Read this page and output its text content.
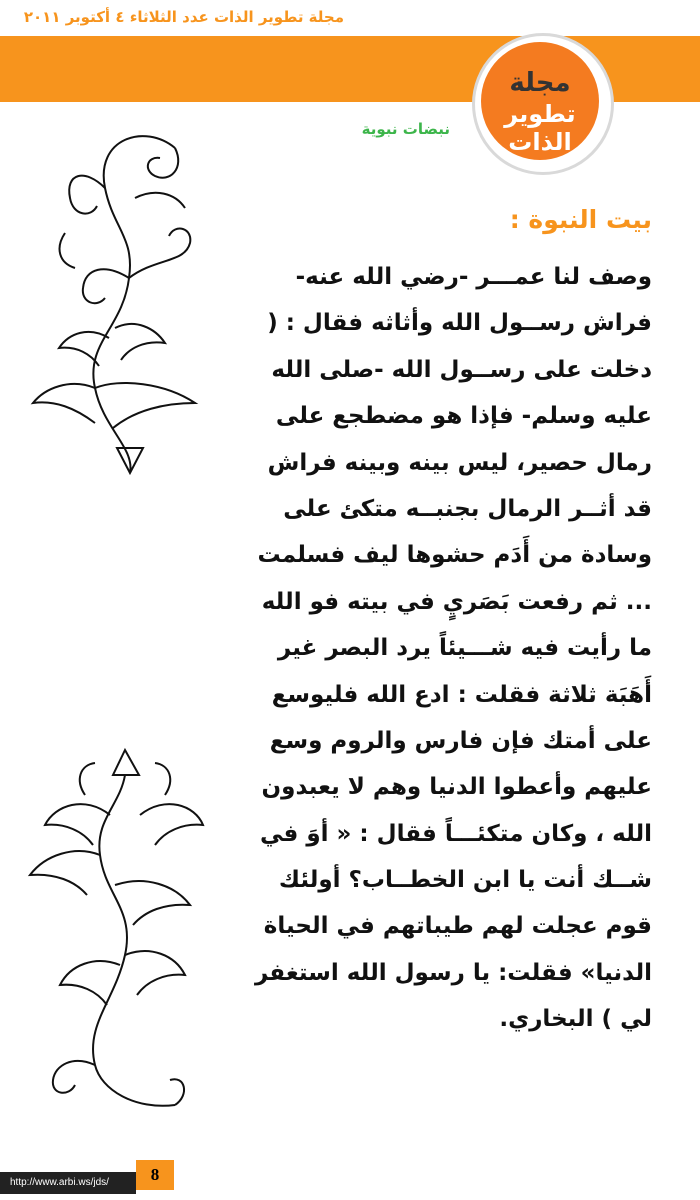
مجلة تطوير الذات عدد الثلاثاء ٤ أكتوبر ٢٠١١
مجلة
تطوير الذات
نبضات نبوية
بيت النبوة :
وصف لنا عمـــر -رضي الله عنه-
فراش رســول الله وأثاثه فقال : (
دخلت على رســول الله -صلى الله
عليه وسلم- فإذا هو مضطجع على
رمال حصير، ليس بينه وبينه فراش
قد أثــر الرمال بجنبــه متكئ على
وسادة من أَدَم حشوها ليف فسلمت
... ثم رفعت بَصَريٍ في بيته فو الله
ما رأيت فيه شـــيئاً يرد البصر غير
أَهَبَة ثلاثة فقلت : ادع الله فليوسع
على أمتك فإن فارس والروم وسع
عليهم وأعطوا الدنيا وهم لا يعبدون
الله ، وكان متكئـــاً فقال : « أوَ في
شــك أنت يا ابن الخطــاب؟ أولئك
قوم عجلت لهم طيباتهم في الحياة
الدنيا» فقلت: يا رسول الله استغفر
لي ) البخاري.
http://www.arbi.ws/jds/	8
